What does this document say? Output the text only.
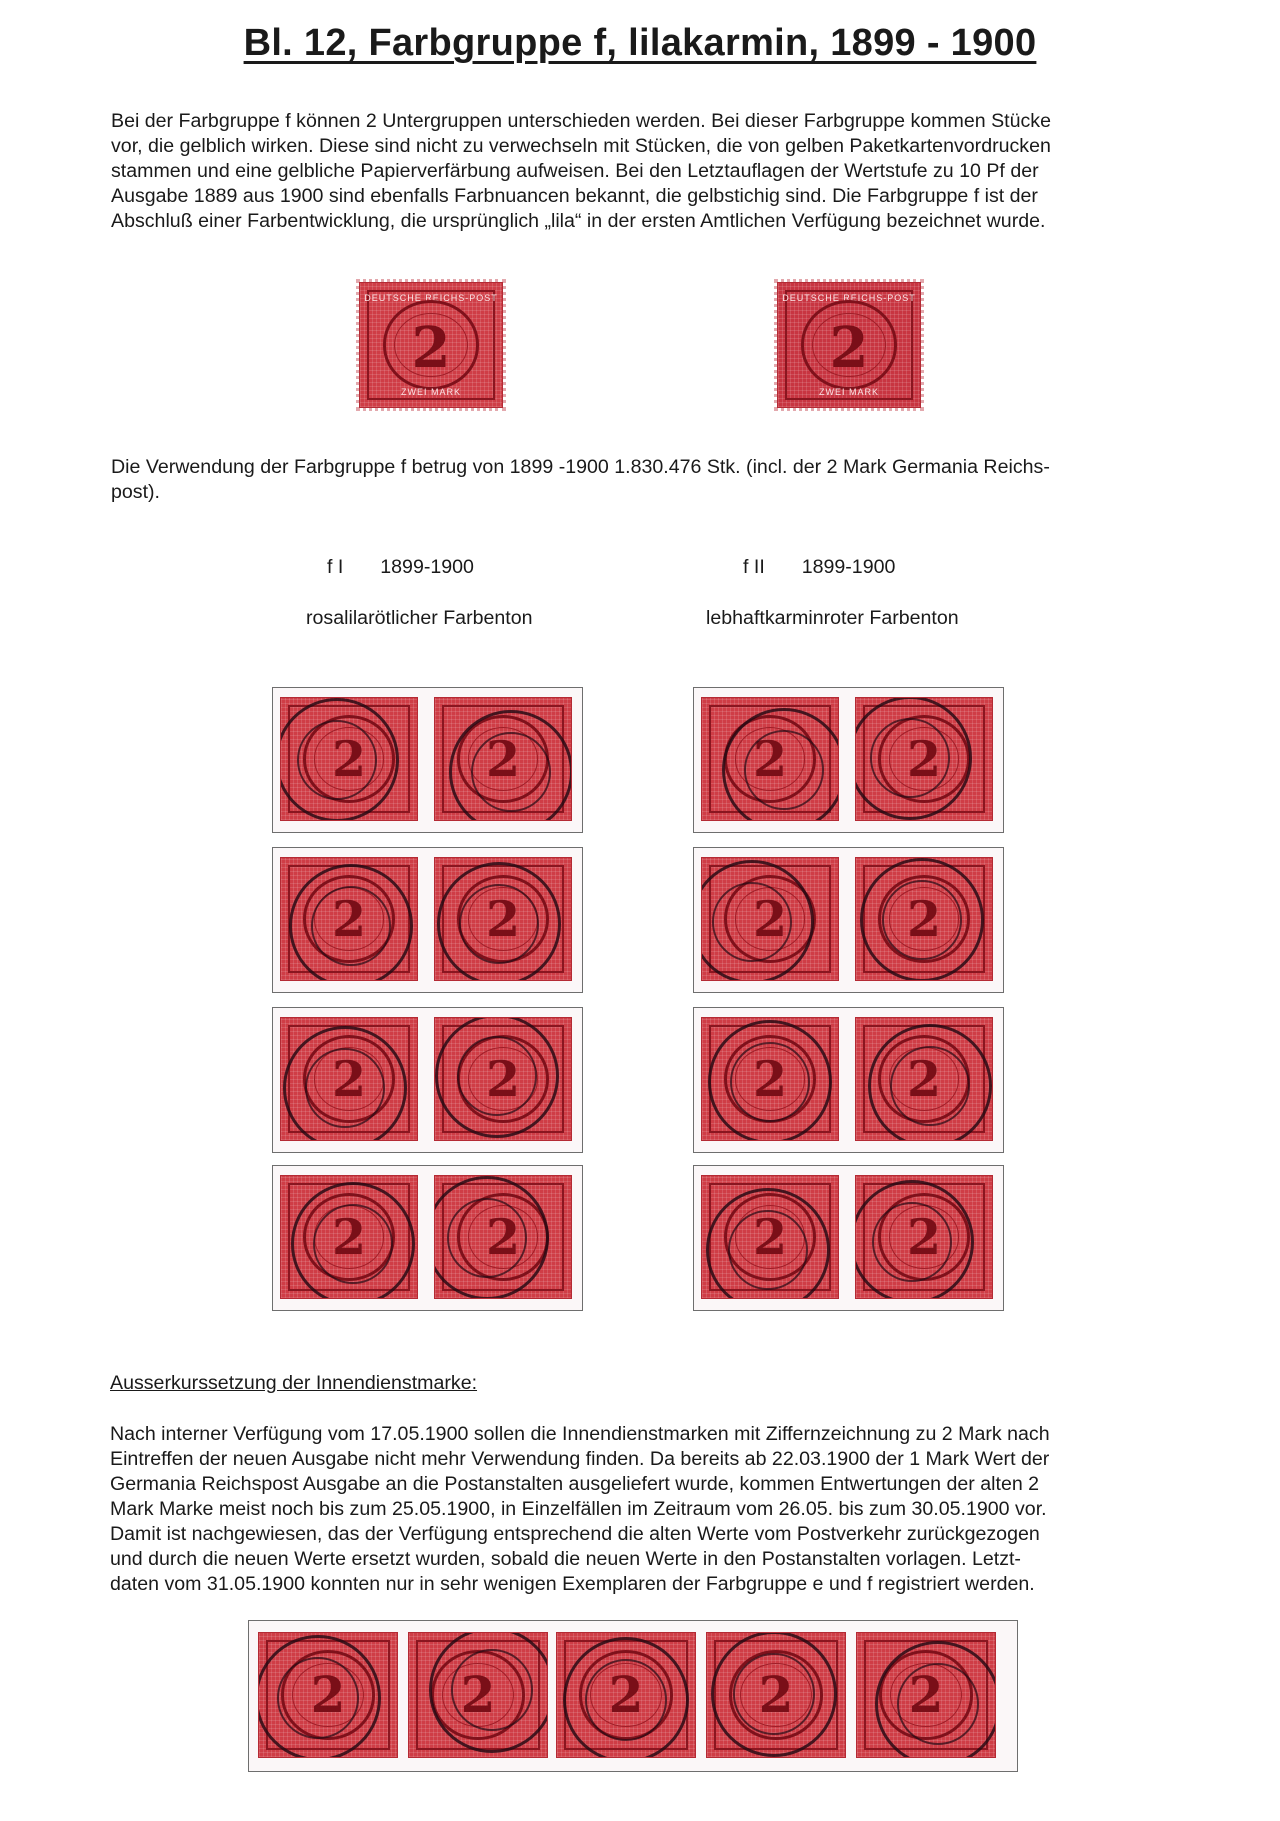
Bl. 12, Farbgruppe f, lilakarmin, 1899 - 1900
Bei der Farbgruppe f können 2 Untergruppen unterschieden werden. Bei dieser Farbgruppe kommen Stücke
vor, die gelblich wirken. Diese sind nicht zu verwechseln mit Stücken, die von gelben Paketkartenvordrucken
stammen und eine gelbliche Papierverfärbung aufweisen. Bei den Letztauflagen der Wertstufe zu 10 Pf der
Ausgabe 1889 aus 1900 sind ebenfalls Farbnuancen bekannt, die gelbstichig sind. Die Farbgruppe f ist der
Abschluß einer Farbentwicklung, die ursprünglich „lila“ in der ersten Amtlichen Verfügung bezeichnet wurde.
DEUTSCHE REICHS-POST
2
ZWEI MARK
DEUTSCHE REICHS-POST
2
ZWEI MARK
Die Verwendung der Farbgruppe f betrug von 1899 -1900 1.830.476 Stk. (incl. der 2 Mark Germania Reichs-
post).
f I 1899-1900
rosalilarötlicher Farbenton
f II 1899-1900
lebhaftkarminroter Farbenton
2	2	2	2
2	2	2	2
2	2	2	2
2	2	2	2
Ausserkurssetzung der Innendienstmarke:
Nach interner Verfügung vom 17.05.1900 sollen die Innendienstmarken mit Ziffernzeichnung zu 2 Mark nach
Eintreffen der neuen Ausgabe nicht mehr Verwendung finden. Da bereits ab 22.03.1900 der 1 Mark Wert der
Germania Reichspost Ausgabe an die Postanstalten ausgeliefert wurde, kommen Entwertungen der alten 2
Mark Marke meist noch bis zum 25.05.1900, in Einzelfällen im Zeitraum vom 26.05. bis zum 30.05.1900 vor.
Damit ist nachgewiesen, das der Verfügung entsprechend die alten Werte vom Postverkehr zurückgezogen
und durch die neuen Werte ersetzt wurden, sobald die neuen Werte in den Postanstalten vorlagen. Letzt-
daten vom 31.05.1900 konnten nur in sehr wenigen Exemplaren der Farbgruppe e und f registriert werden.
2	2	2	2	2
